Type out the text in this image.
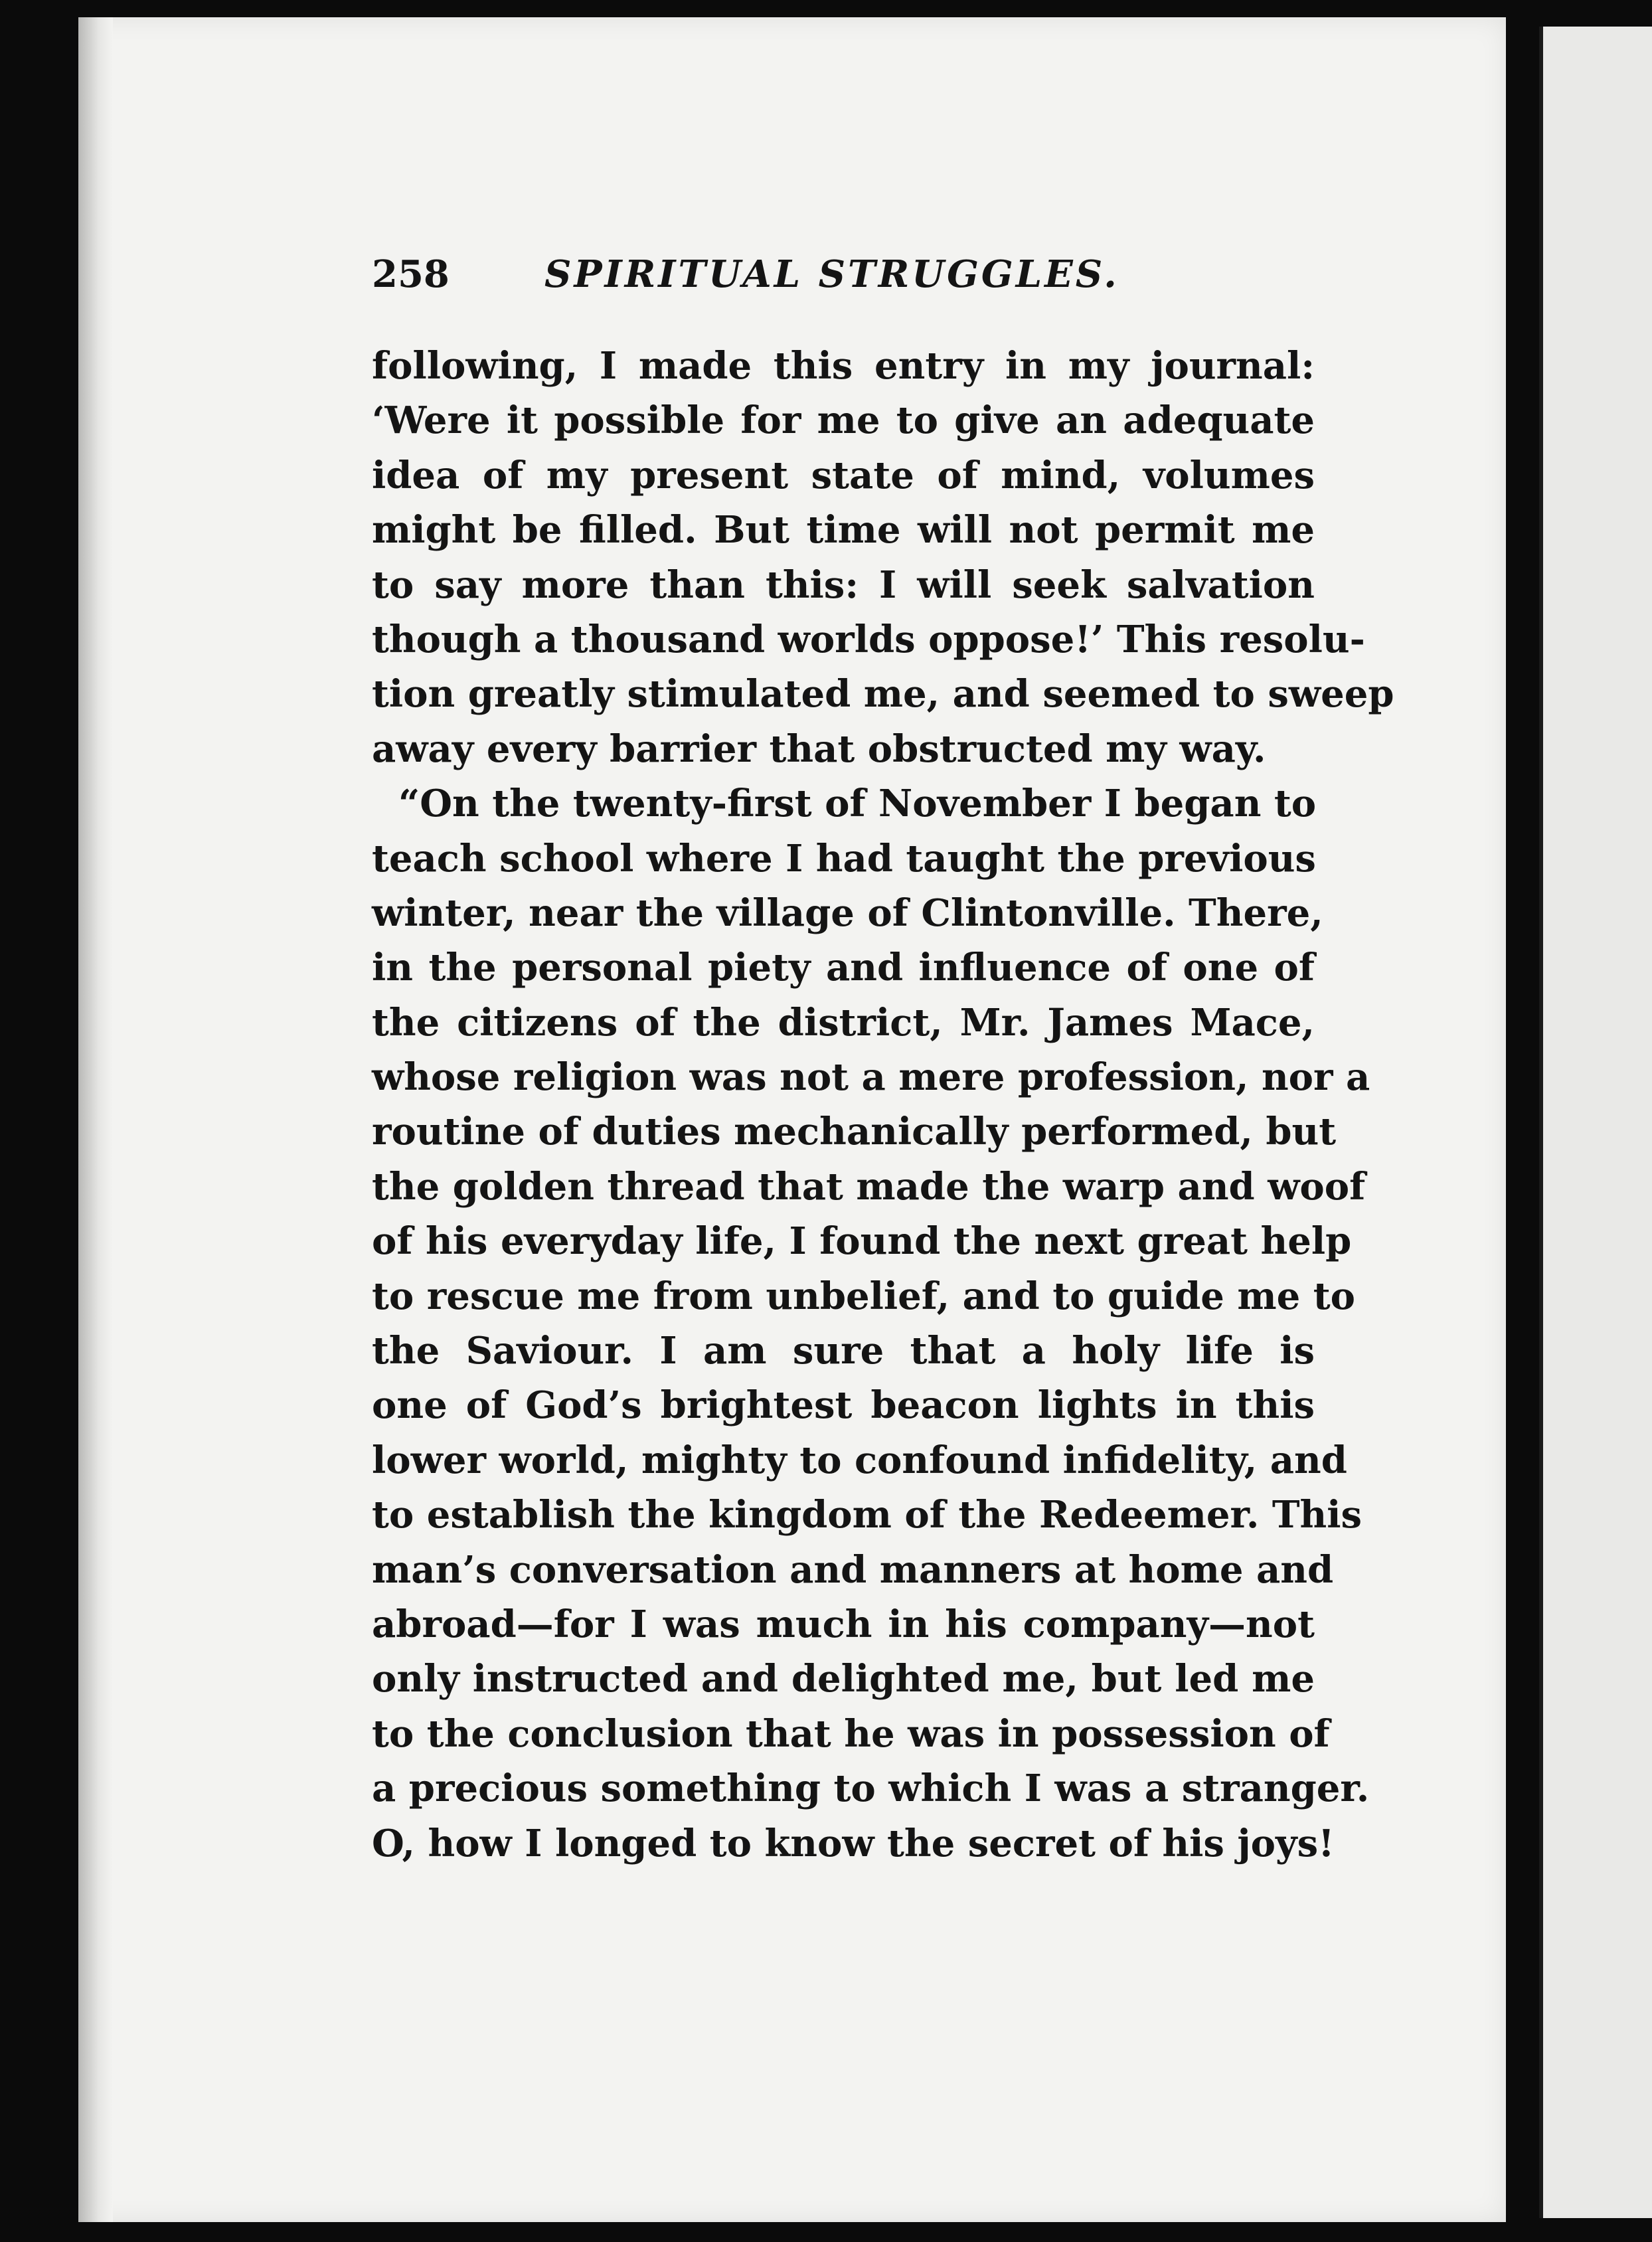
258	SPIRITUAL STRUGGLES.
following, I made this entry in my journal:
‘Were it possible for me to give an adequate
idea of my present state of mind, volumes
might be filled. But time will not permit me
to say more than this: I will seek salvation
though a thousand worlds oppose!’ This resolu-
tion greatly stimulated me, and seemed to sweep
away every barrier that obstructed my way.
“On the twenty-first of November I began to
teach school where I had taught the previous
winter, near the village of Clintonville. There,
in the personal piety and influence of one of
the citizens of the district, Mr. James Mace,
whose religion was not a mere profession, nor a
routine of duties mechanically performed, but
the golden thread that made the warp and woof
of his everyday life, I found the next great help
to rescue me from unbelief, and to guide me to
the Saviour. I am sure that a holy life is
one of God’s brightest beacon lights in this
lower world, mighty to confound infidelity, and
to establish the kingdom of the Redeemer. This
man’s conversation and manners at home and
abroad—for I was much in his company—not
only instructed and delighted me, but led me
to the conclusion that he was in possession of
a precious something to which I was a stranger.
O, how I longed to know the secret of his joys!
